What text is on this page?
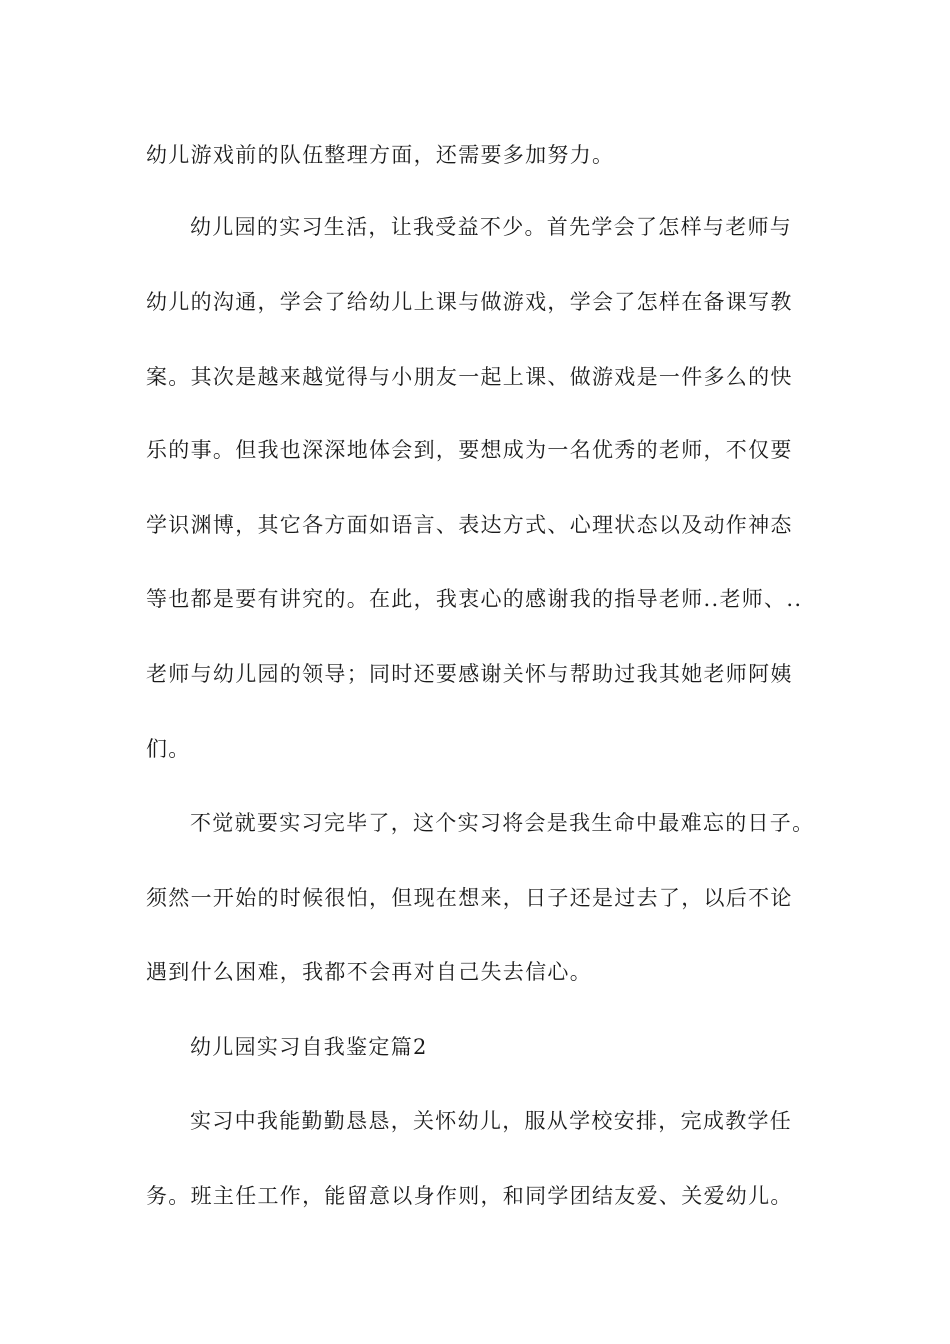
幼儿游戏前的队伍整理方面，还需要多加努力。
幼儿园的实习生活，让我受益不少。首先学会了怎样与老师与
幼儿的沟通，学会了给幼儿上课与做游戏，学会了怎样在备课写教
案。其次是越来越觉得与小朋友一起上课、做游戏是一件多么的快
乐的事。但我也深深地体会到，要想成为一名优秀的老师，不仅要
学识渊博，其它各方面如语言、表达方式、心理状态以及动作神态
等也都是要有讲究的。在此，我衷心的感谢我的指导老师..老师、..
老师与幼儿园的领导；同时还要感谢关怀与帮助过我其她老师阿姨
们。
不觉就要实习完毕了，这个实习将会是我生命中最难忘的日子。
须然一开始的时候很怕，但现在想来，日子还是过去了，以后不论
遇到什么困难，我都不会再对自己失去信心。
幼儿园实习自我鉴定篇2
实习中我能勤勤恳恳，关怀幼儿，服从学校安排，完成教学任
务。班主任工作，能留意以身作则，和同学团结友爱、关爱幼儿。
